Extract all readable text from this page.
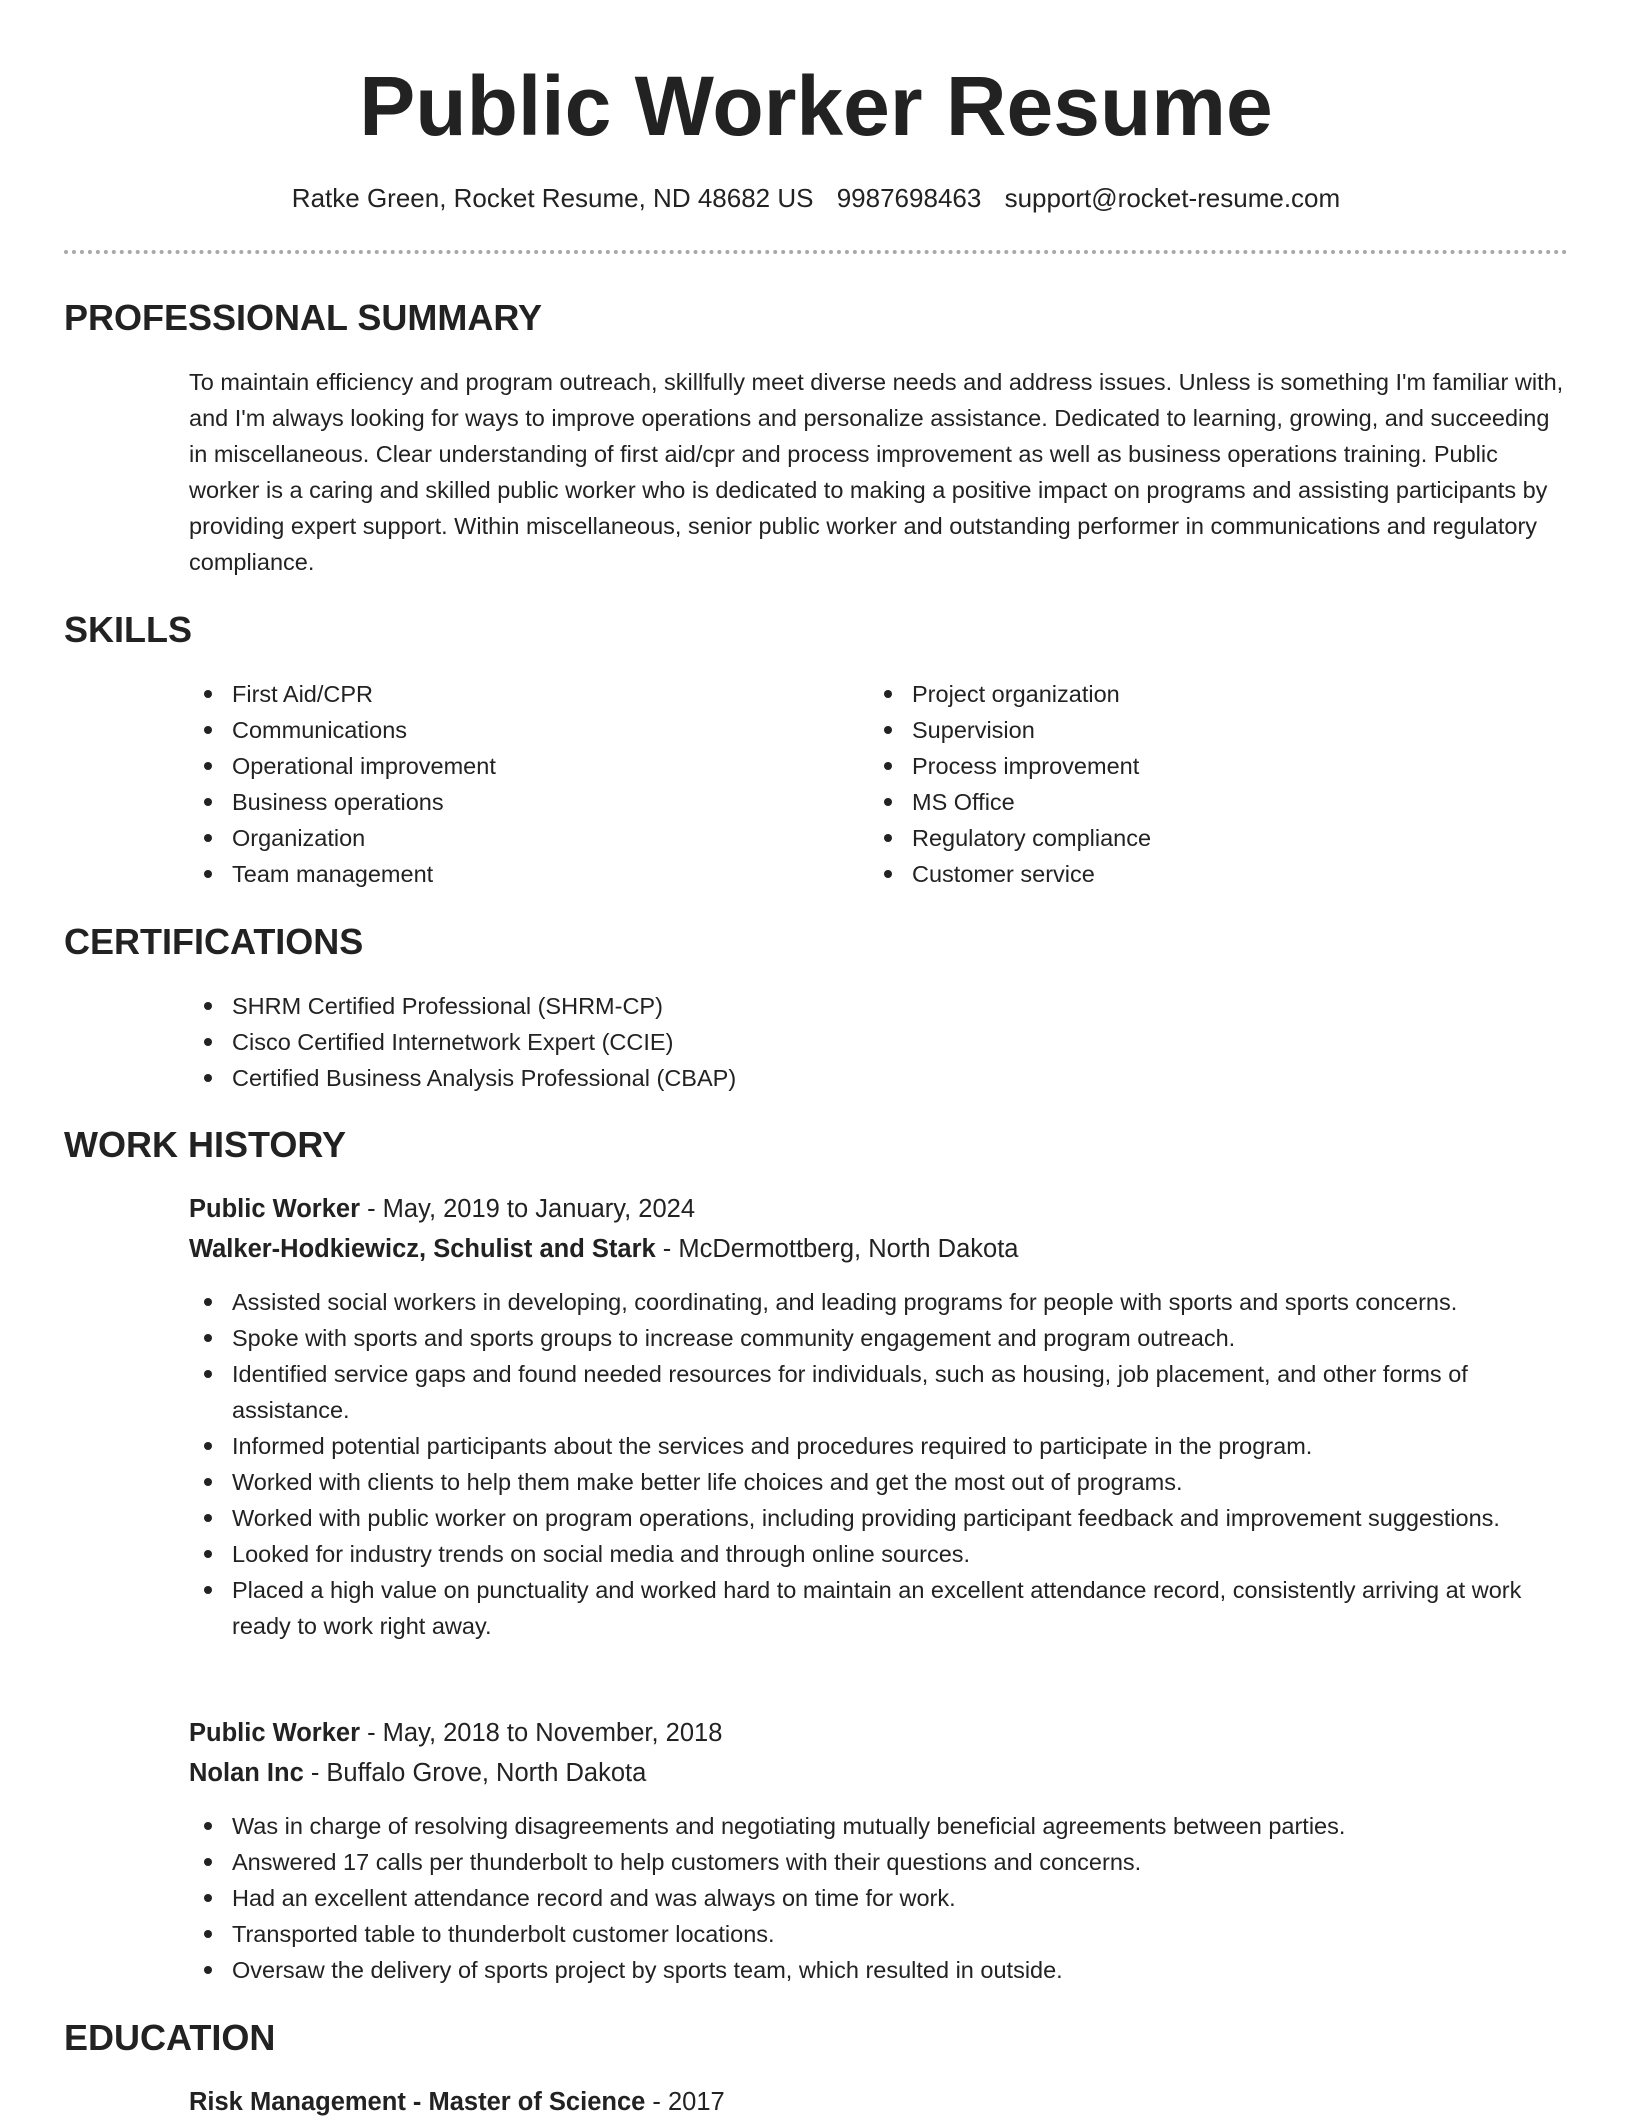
Public Worker Resume
Ratke Green, Rocket Resume, ND 48682 US 9987698463 support@rocket-resume.com
PROFESSIONAL SUMMARY

To maintain efficiency and program outreach, skillfully meet diverse needs and address issues. Unless is something I'm familiar with, and I'm always looking for ways to improve operations and personalize assistance. Dedicated to learning, growing, and succeeding in miscellaneous. Clear understanding of first aid/cpr and process improvement as well as business operations training. Public worker is a caring and skilled public worker who is dedicated to making a positive impact on programs and assisting participants by providing expert support. Within miscellaneous, senior public worker and outstanding performer in communications and regulatory compliance.

SKILLS
First Aid/CPR
Communications
Operational improvement
Business operations
Organization
Team management
Project organization
Supervision
Process improvement
MS Office
Regulatory compliance
Customer service
CERTIFICATIONS
SHRM Certified Professional (SHRM-CP)
Cisco Certified Internetwork Expert (CCIE)
Certified Business Analysis Professional (CBAP)
WORK HISTORY

Public Worker - May, 2019 to January, 2024

Walker-Hodkiewicz, Schulist and Stark - McDermottberg, North Dakota

Assisted social workers in developing, coordinating, and leading programs for people with sports and sports concerns.
Spoke with sports and sports groups to increase community engagement and program outreach.
Identified service gaps and found needed resources for individuals, such as housing, job placement, and other forms of assistance.
Informed potential participants about the services and procedures required to participate in the program.
Worked with clients to help them make better life choices and get the most out of programs.
Worked with public worker on program operations, including providing participant feedback and improvement suggestions.
Looked for industry trends on social media and through online sources.
Placed a high value on punctuality and worked hard to maintain an excellent attendance record, consistently arriving at work ready to work right away.

Public Worker - May, 2018 to November, 2018

Nolan Inc - Buffalo Grove, North Dakota

Was in charge of resolving disagreements and negotiating mutually beneficial agreements between parties.
Answered 17 calls per thunderbolt to help customers with their questions and concerns.
Had an excellent attendance record and was always on time for work.
Transported table to thunderbolt customer locations.
Oversaw the delivery of sports project by sports team, which resulted in outside.
EDUCATION

Risk Management - Master of Science - 2017
